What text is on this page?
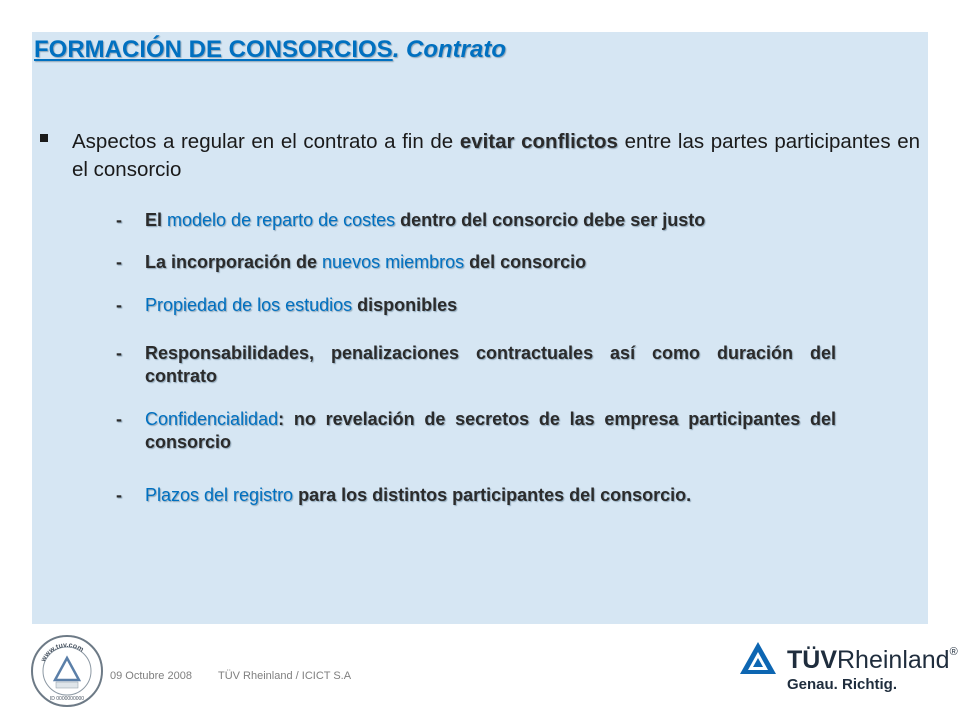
FORMACIÓN DE CONSORCIOS. Contrato

Aspectos a regular en el contrato a fin de evitar conflictos entre las partes participantes en el consorcio

- El modelo de reparto de costes dentro del consorcio debe ser justo
- La incorporación de nuevos miembros del consorcio
- Propiedad de los estudios disponibles
- Responsabilidades, penalizaciones contractuales así como duración del contrato
- Confidencialidad: no revelación de secretos de las empresa participantes del consorcio
- Plazos del registro para los distintos participantes del consorcio.
www.tuv.com
ID 0000000000
09 Octubre 2008 TÜV Rheinland / ICICT S.A
TÜVRheinland®
Genau. Richtig.
